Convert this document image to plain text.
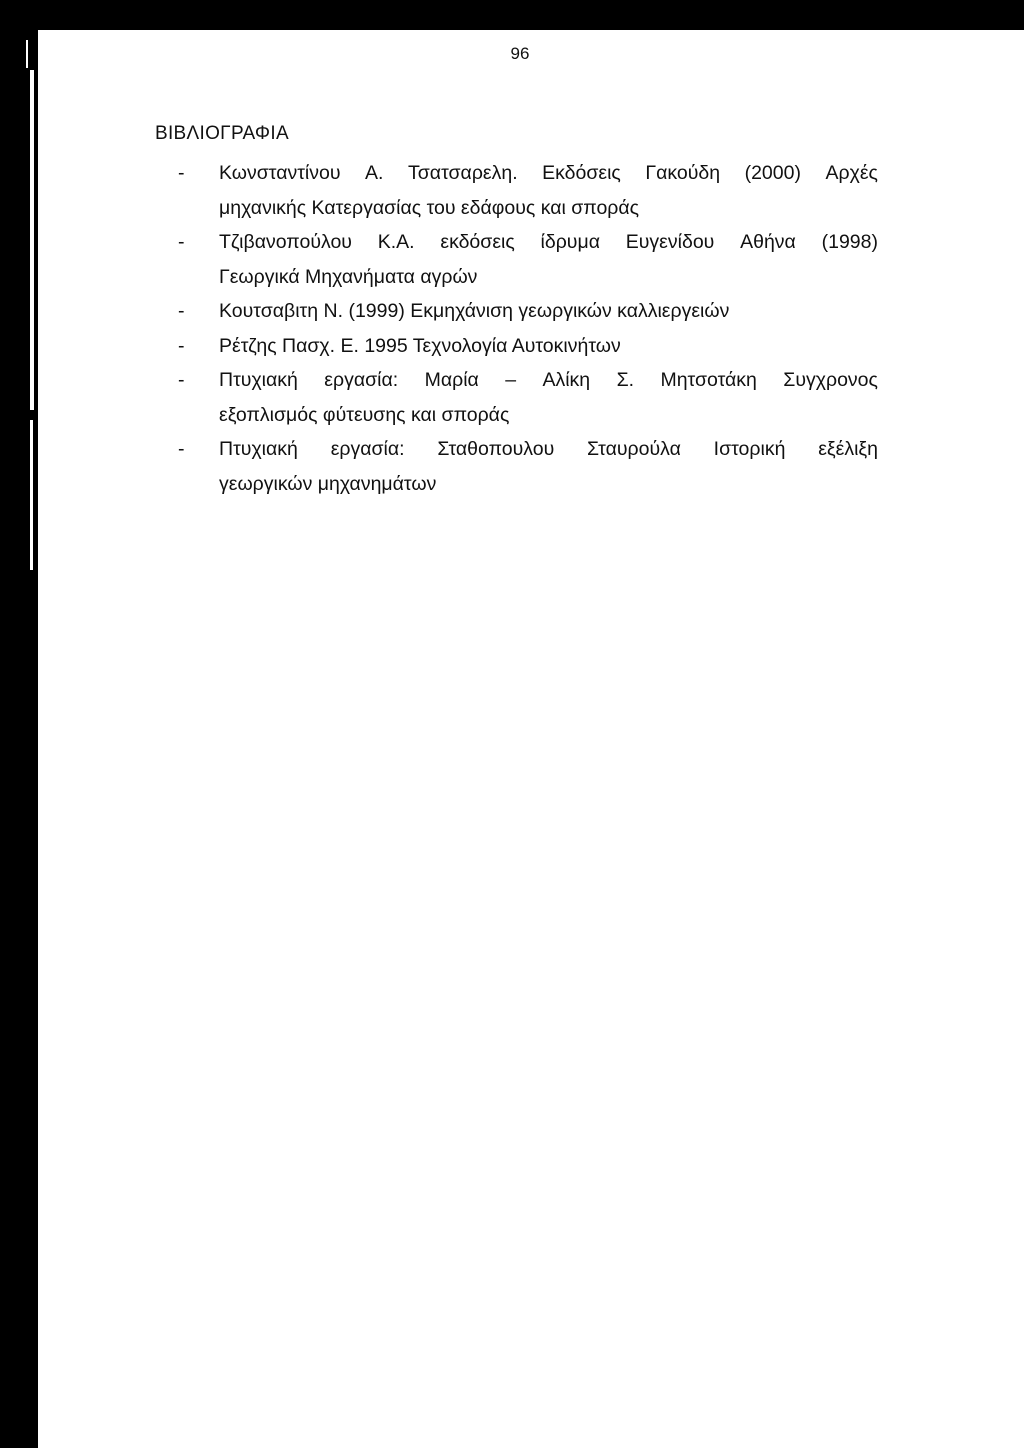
96
ΒΙΒΛΙΟΓΡΑΦΙΑ
-	Κωνσταντίνου Α. Τσατσαρελη. Εκδόσεις Γακούδη (2000) Αρχές
μηχανικής Κατεργασίας του εδάφους και σποράς
-	Τζιβανοπούλου Κ.Α. εκδόσεις ίδρυμα Ευγενίδου Αθήνα (1998)
Γεωργικά Μηχανήματα αγρών
-	Κουτσαβιτη Ν. (1999) Εκμηχάνιση γεωργικών καλλιεργειών
-	Ρέτζης Πασχ. Ε. 1995 Τεχνολογία Αυτοκινήτων
-	Πτυχιακή εργασία: Μαρία – Αλίκη Σ. Μητσοτάκη Συγχρονος
εξοπλισμός φύτευσης και σποράς
-	Πτυχιακή εργασία: Σταθοπουλου Σταυρούλα Ιστορική εξέλιξη
γεωργικών μηχανημάτων
